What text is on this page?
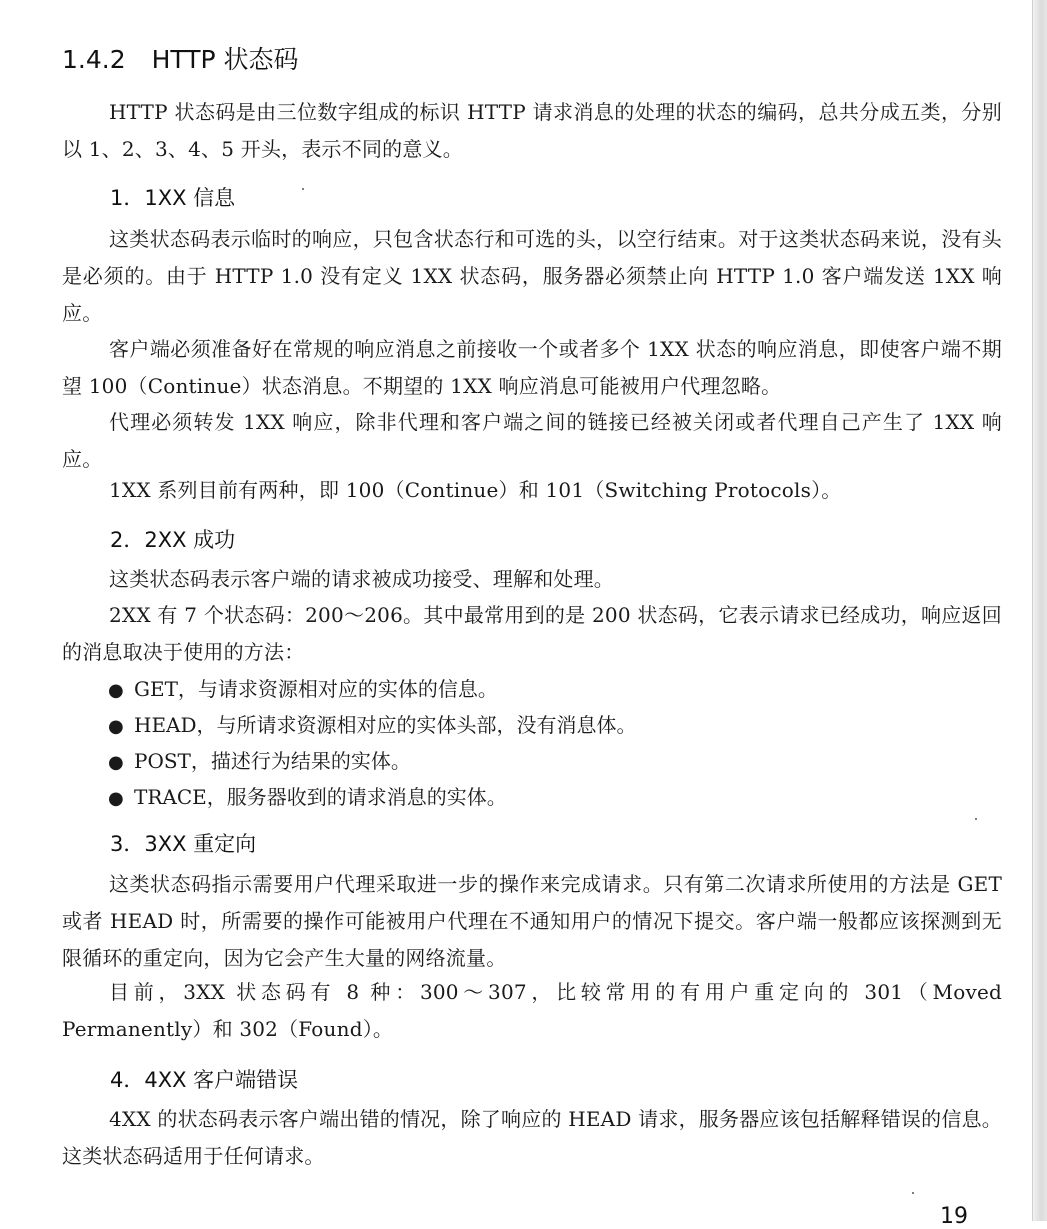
1.4.2 HTTP 状态码

HTTP 状态码是由三位数字组成的标识 HTTP 请求消息的处理的状态的编码，总共分成五类，分别以 1、2、3、4、5 开头，表示不同的意义。

1．1XX 信息

这类状态码表示临时的响应，只包含状态行和可选的头，以空行结束。对于这类状态码来说，没有头是必须的。由于 HTTP 1.0 没有定义 1XX 状态码，服务器必须禁止向 HTTP 1.0 客户端发送 1XX 响应。

客户端必须准备好在常规的响应消息之前接收一个或者多个 1XX 状态的响应消息，即使客户端不期望 100（Continue）状态消息。不期望的 1XX 响应消息可能被用户代理忽略。

代理必须转发 1XX 响应，除非代理和客户端之间的链接已经被关闭或者代理自己产生了 1XX 响应。

1XX 系列目前有两种，即 100（Continue）和 101（Switching Protocols）。

2．2XX 成功

这类状态码表示客户端的请求被成功接受、理解和处理。

2XX 有 7 个状态码：200～206。其中最常用到的是 200 状态码，它表示请求已经成功，响应返回的消息取决于使用的方法：

● GET，与请求资源相对应的实体的信息。
● HEAD，与所请求资源相对应的实体头部，没有消息体。
● POST，描述行为结果的实体。
● TRACE，服务器收到的请求消息的实体。
3．3XX 重定向

这类状态码指示需要用户代理采取进一步的操作来完成请求。只有第二次请求所使用的方法是 GET 或者 HEAD 时，所需要的操作可能被用户代理在不通知用户的情况下提交。客户端一般都应该探测到无限循环的重定向，因为它会产生大量的网络流量。

目前，3XX 状态码有 8 种：300～307，比较常用的有用户重定向的 301（Moved Permanently）和 302（Found）。

4．4XX 客户端错误

4XX 的状态码表示客户端出错的情况，除了响应的 HEAD 请求，服务器应该包括解释错误的信息。这类状态码适用于任何请求。

19
